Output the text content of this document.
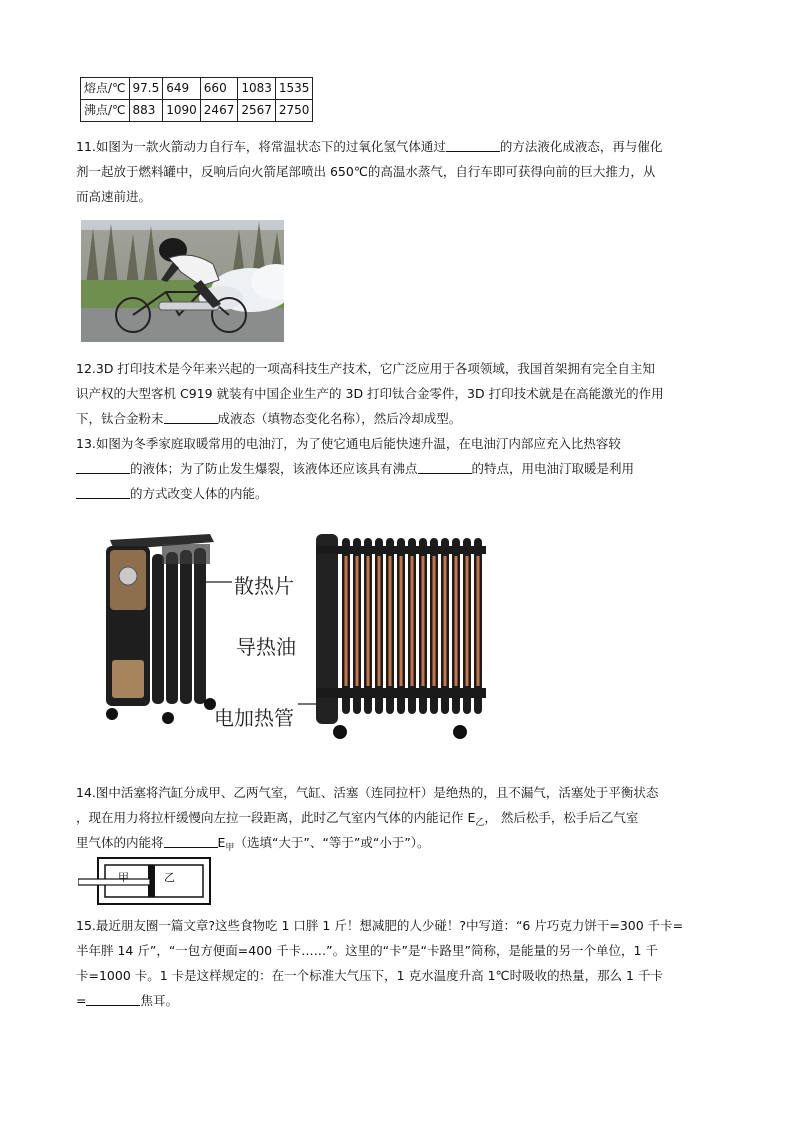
熔点/℃	97.5	649	660	1083	1535
沸点/℃	883	1090	2467	2567	2750
11.如图为一款火箭动力自行车，将常温状态下的过氧化氢气体通过	的方法液化成液态，再与催化
剂一起放于燃料罐中，反响后向火箭尾部喷出 650℃的高温水蒸气，自行车即可获得向前的巨大推力，从
而高速前进。
12.3D 打印技术是今年来兴起的一项高科技生产技术，它广泛应用于各项领域，我国首架拥有完全自主知
识产权的大型客机 C919 就装有中国企业生产的 3D 打印钛合金零件，3D 打印技术就是在高能激光的作用
下，钛合金粉末	成液态（填物态变化名称），然后冷却成型。
13.如图为冬季家庭取暖常用的电油汀，为了使它通电后能快速升温，在电油汀内部应充入比热容较
的液体；为了防止发生爆裂，该液体还应该具有沸点	的特点，用电油汀取暖是利用
的方式改变人体的内能。
散热片
导热油
电加热管
14.图中活塞将汽缸分成甲、乙两气室，气缸、活塞（连同拉杆）是绝热的，且不漏气，活塞处于平衡状态
，现在用力将拉杆缓慢向左拉一段距离，此时乙气室内气体的内能记作 $E_乙$， 然后松手，松手后乙气室
里气体的内能将	$E_甲$（选填“大于”、“等于”或“小于”）。
甲	乙
15.最近朋友圈一篇文章?这些食物吃 1 口胖 1 斤！想减肥的人少碰！?中写道：“6 片巧克力饼干=300 千卡=
半年胖 14 斤”，“一包方便面=400 千卡……”。这里的“卡”是“卡路里”简称，是能量的另一个单位，1 千
卡=1000 卡。1 卡是这样规定的：在一个标准大气压下，1 克水温度升高 1℃时吸收的热量，那么 1 千卡
=	焦耳。
